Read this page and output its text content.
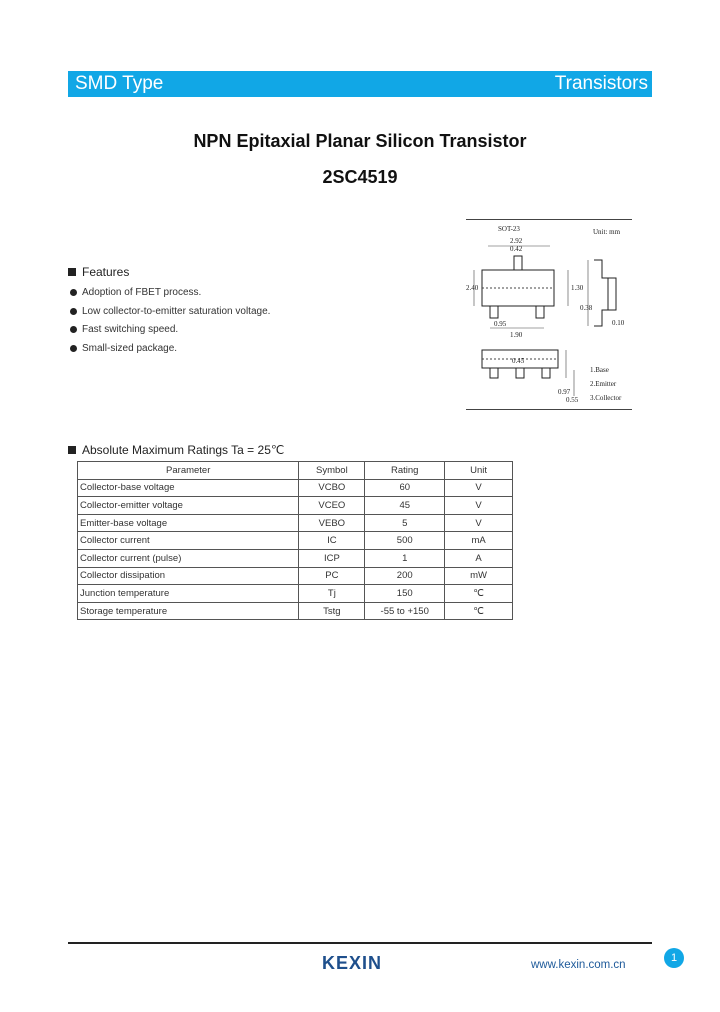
SMD Type	Transistors
NPN Epitaxial Planar Silicon Transistor
2SC4519
SOT-23	Unit: mm
2.92
0.42
2.40	1.30
0.95
1.90
0.38
0.10
0.45
0.97
0.55
1.Base
2.Emitter
3.Collector
Features
Adoption of FBET process.
Low collector-to-emitter saturation voltage.
Fast switching speed.
Small-sized package.
Absolute Maximum Ratings Ta = 25℃
Parameter	Symbol	Rating	Unit
Collector-base voltage	VCBO	60	V
Collector-emitter voltage	VCEO	45	V
Emitter-base voltage	VEBO	5	V
Collector current	IC	500	mA
Collector current (pulse)	ICP	1	A
Collector dissipation	PC	200	mW
Junction temperature	Tj	150	℃
Storage temperature	Tstg	-55 to +150	℃
KEXIN	www.kexin.com.cn
1
